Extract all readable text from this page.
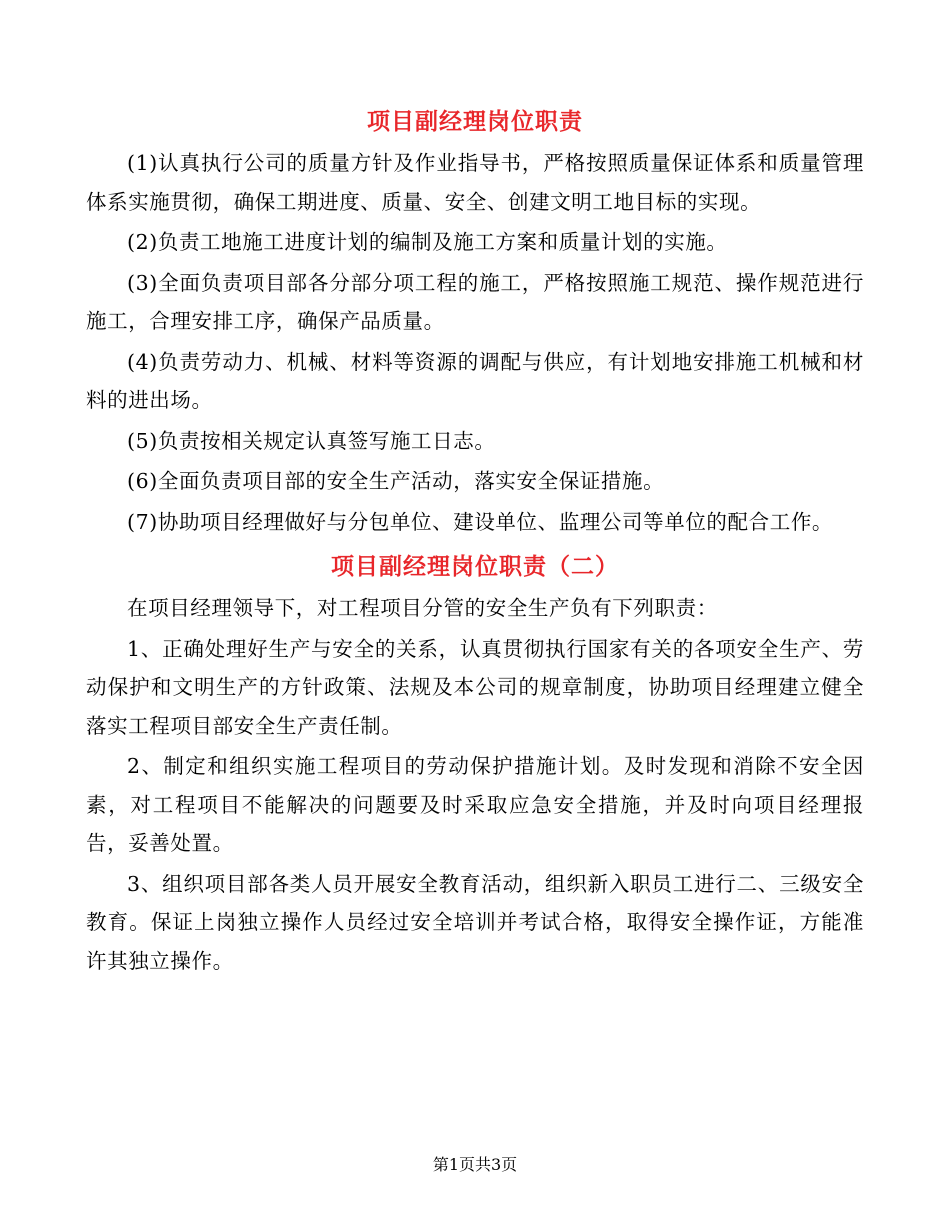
项目副经理岗位职责

(1)认真执行公司的质量方针及作业指导书，严格按照质量保证体系和质量管理体系实施贯彻，确保工期进度、质量、安全、创建文明工地目标的实现。

(2)负责工地施工进度计划的编制及施工方案和质量计划的实施。

(3)全面负责项目部各分部分项工程的施工，严格按照施工规范、操作规范进行施工，合理安排工序，确保产品质量。

(4)负责劳动力、机械、材料等资源的调配与供应，有计划地安排施工机械和材料的进出场。

(5)负责按相关规定认真签写施工日志。

(6)全面负责项目部的安全生产活动，落实安全保证措施。

(7)协助项目经理做好与分包单位、建设单位、监理公司等单位的配合工作。

项目副经理岗位职责（二）

在项目经理领导下，对工程项目分管的安全生产负有下列职责：

1、正确处理好生产与安全的关系，认真贯彻执行国家有关的各项安全生产、劳动保护和文明生产的方针政策、法规及本公司的规章制度，协助项目经理建立健全落实工程项目部安全生产责任制。

2、制定和组织实施工程项目的劳动保护措施计划。及时发现和消除不安全因素，对工程项目不能解决的问题要及时采取应急安全措施，并及时向项目经理报告，妥善处置。

3、组织项目部各类人员开展安全教育活动，组织新入职员工进行二、三级安全教育。保证上岗独立操作人员经过安全培训并考试合格，取得安全操作证，方能准许其独立操作。

第1页共3页
